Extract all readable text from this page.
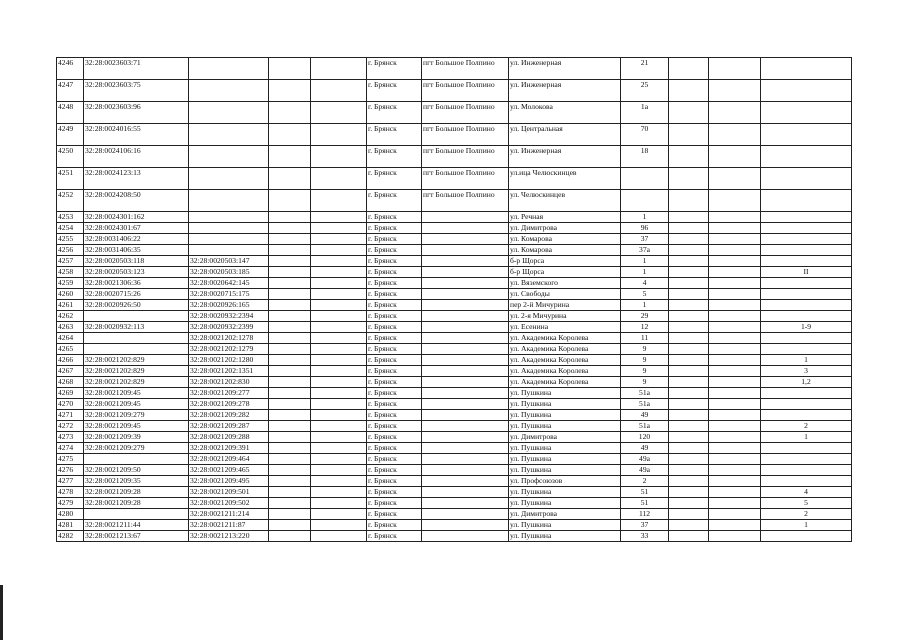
4246	32:28:0023603:71				г. Брянск	пгт Большое Полпино	ул. Инженерная	21			
4247	32:28:0023603:75				г. Брянск	пгт Большое Полпино	ул. Инженерная	25			
4248	32:28:0023603:96				г. Брянск	пгт Большое Полпино	ул. Молокова	1а			
4249	32:28:0024016:55				г. Брянск	пгт Большое Полпино	ул. Центральная	70			
4250	32:28:0024106:16				г. Брянск	пгт Большое Полпино	ул. Инженерная	18			
4251	32:28:0024123:13				г. Брянск	пгт Большое Полпино	ул.ица Челюскинцев				
4252	32:28:0024208:50				г. Брянск	пгт Большое Полпино	ул. Челюскинцев				
4253	32:28:0024301:162				г. Брянск		ул. Речная	1			
4254	32:28:0024301:67				г. Брянск		ул. Димитрова	96			
4255	32:28:0031406:22				г. Брянск		ул. Комарова	37			
4256	32:28:0031406:35				г. Брянск		ул. Комарова	37а			
4257	32:28:0020503:118	32:28:0020503:147			г. Брянск		б-р Щорса	1			
4258	32:28:0020503:123	32:28:0020503:185			г. Брянск		б-р Щорса	1			II
4259	32:28:0021306:36	32:28:0020642:145			г. Брянск		ул. Вяземского	4			
4260	32:28:0020715:26	32:28:0020715:175			г. Брянск		ул. Свободы	5			
4261	32:28:0020926:50	32:28:0020926:165			г. Брянск		пер 2-й Мичурина	1			
4262		32:28:0020932:2394			г. Брянск		ул. 2-я Мичурина	29			
4263	32:28:0020932:113	32:28:0020932:2399			г. Брянск		ул. Есенина	12			1-9
4264		32:28:0021202:1278			г. Брянск		ул. Академика Королева	11			
4265		32:28:0021202:1279			г. Брянск		ул. Академика Королева	9			
4266	32:28:0021202:829	32:28:0021202:1280			г. Брянск		ул. Академика Королева	9			1
4267	32:28:0021202:829	32:28:0021202:1351			г. Брянск		ул. Академика Королева	9			3
4268	32:28:0021202:829	32:28:0021202:830			г. Брянск		ул. Академика Королева	9			1,2
4269	32:28:0021209:45	32:28:0021209:277			г. Брянск		ул. Пушкина	51а			
4270	32:28:0021209:45	32:28:0021209:278			г. Брянск		ул. Пушкина	51а			
4271	32:28:0021209:279	32:28:0021209:282			г. Брянск		ул. Пушкина	49			
4272	32:28:0021209:45	32:28:0021209:287			г. Брянск		ул. Пушкина	51а			2
4273	32:28:0021209:39	32:28:0021209:288			г. Брянск		ул. Димитрова	120			1
4274	32:28:0021209:279	32:28:0021209:391			г. Брянск		ул. Пушкина	49			
4275		32:28:0021209:464			г. Брянск		ул. Пушкина	49а			
4276	32:28:0021209:50	32:28:0021209:465			г. Брянск		ул. Пушкина	49а			
4277	32:28:0021209:35	32:28:0021209:495			г. Брянск		ул. Профсоюзов	2			
4278	32:28:0021209:28	32:28:0021209:501			г. Брянск		ул. Пушкина	51			4
4279	32:28:0021209:28	32:28:0021209:502			г. Брянск		ул. Пушкина	51			5
4280		32:28:0021211:214			г. Брянск		ул. Димитрова	112			2
4281	32:28:0021211:44	32:28:0021211:87			г. Брянск		ул. Пушкина	37			1
4282	32:28:0021213:67	32:28:0021213:220			г. Брянск		ул. Пушкина	33			
